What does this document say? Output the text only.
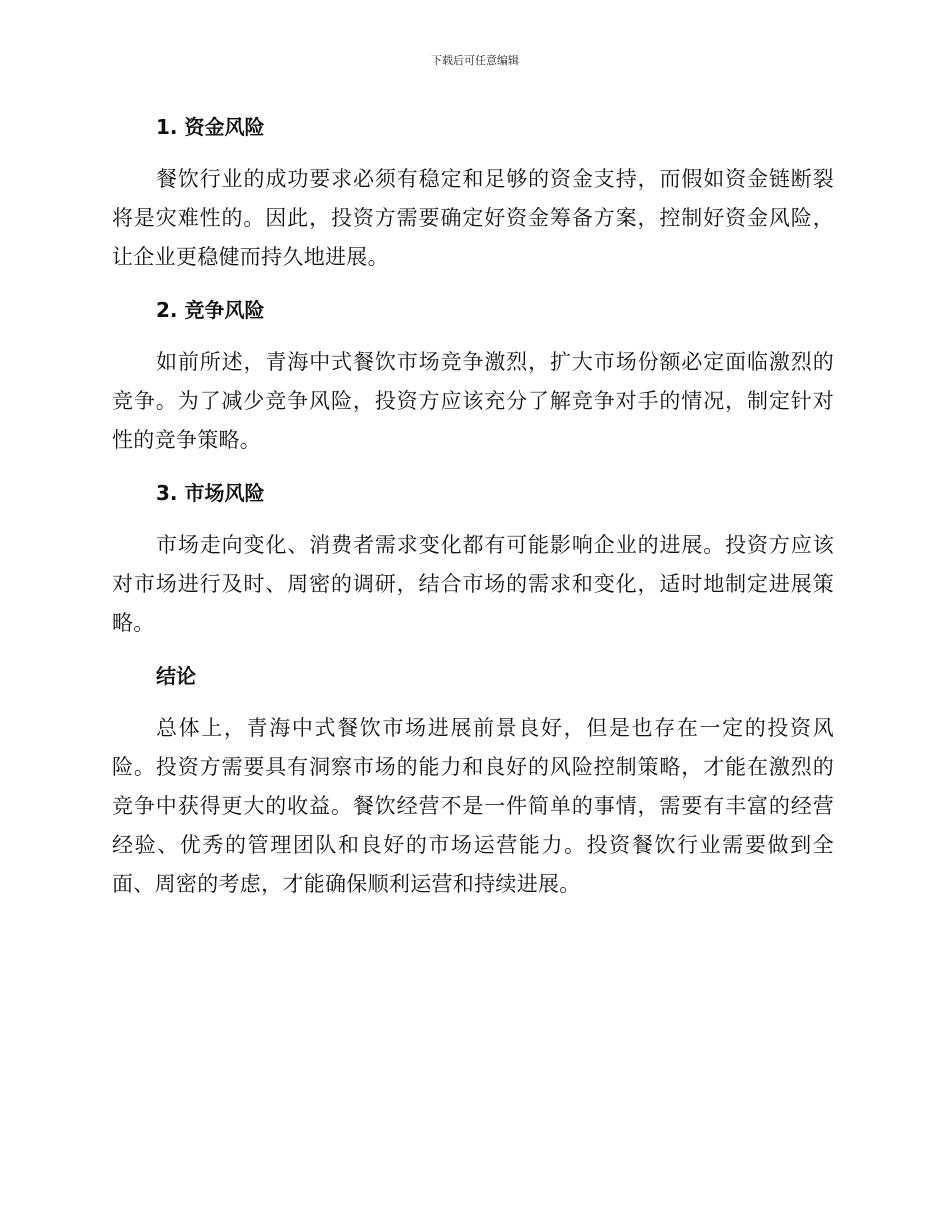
下载后可任意编辑
1. 资金风险

餐饮行业的成功要求必须有稳定和足够的资金支持，而假如资金链断裂将是灾难性的。因此，投资方需要确定好资金筹备方案，控制好资金风险，让企业更稳健而持久地进展。

2. 竞争风险

如前所述，青海中式餐饮市场竞争激烈，扩大市场份额必定面临激烈的竞争。为了减少竞争风险，投资方应该充分了解竞争对手的情况，制定针对性的竞争策略。

3. 市场风险

市场走向变化、消费者需求变化都有可能影响企业的进展。投资方应该对市场进行及时、周密的调研，结合市场的需求和变化，适时地制定进展策略。

结论

总体上，青海中式餐饮市场进展前景良好，但是也存在一定的投资风险。投资方需要具有洞察市场的能力和良好的风险控制策略，才能在激烈的竞争中获得更大的收益。餐饮经营不是一件简单的事情，需要有丰富的经营经验、优秀的管理团队和良好的市场运营能力。投资餐饮行业需要做到全面、周密的考虑，才能确保顺利运营和持续进展。
